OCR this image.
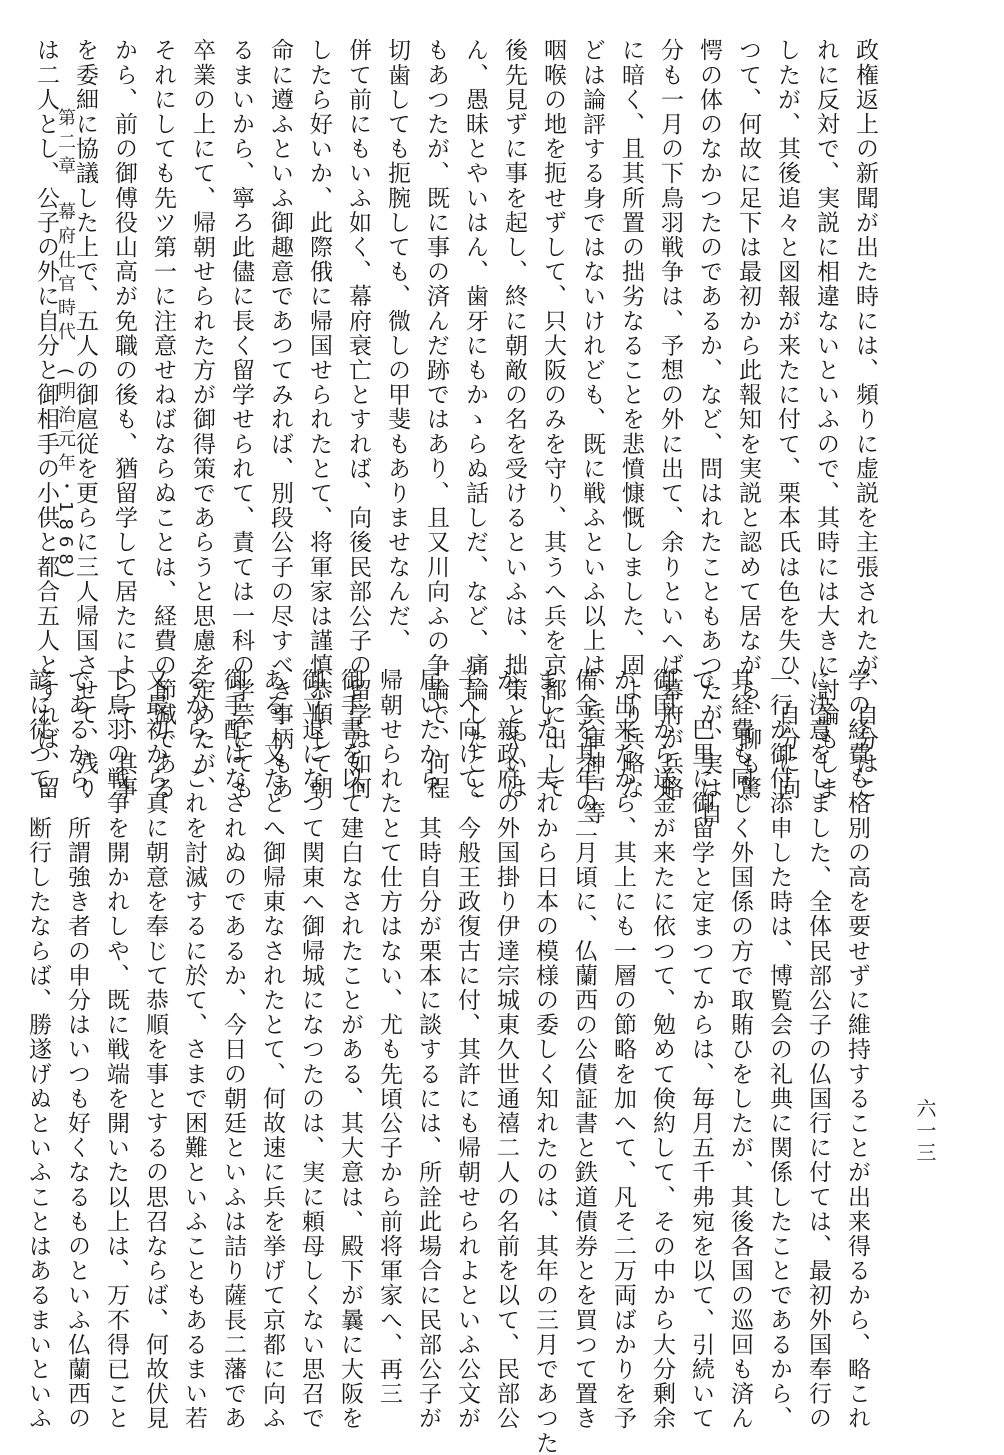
政権返上の新聞が出た時には、頻りに虚説を主張されたが、自分はこ

れに反対で、実説に相違ないといふので、其時には大きに討論もしま

したが、其後追々と図報が来たに付て、栗本氏は色を失ひ、自分に向

つて、何故に足下は最初から此報知を実説と認めて居ながら、聊も驚

愕の体のなかつたのであるか、など、問はれたこともあつたが、実は自

分も一月の下鳥羽戦争は、予想の外に出て、余りといへば幕府が兵略

に暗く、且其所置の拙劣なることを悲憤慷慨しました、固より兵略な

どは論評する身ではないけれども、既に戦ふといふ以上は、兵庫神戸等

咽喉の地を扼せずして、只大阪のみを守り、其うへ兵を京都に出して

後先見ずに事を起し、終に朝敵の名を受けるといふは、拙策とやいは

ん、愚昧とやいはん、歯牙にもかゝらぬ話しだ、など、痛論したこと

もあつたが、既に事の済んだ跡ではあり、且又川向ふの争論で、何程

切歯しても扼腕しても、微しの甲斐もありませなんだ、

併て前にもいふ如く、幕府衰亡とすれば、向後民部公子の留学は如何

したら好いか、此際俄に帰国せられたとて、将軍家は謹慎恭順して朝

命に遵ふといふ御趣意であつてみれば、別段公子の尽すべき事柄もあ

るまいから、寧ろ此儘に長く留学せられて、責ては一科の学芸にても

卒業の上にて、帰朝せられた方が御得策であらうと思慮を定めたが、

それにしても先ツ第一に注意せねばならぬことは、経費の節減である

から、前の御傅役山高が免職の後も、猶留学して居たによつて、其事

を委細に協議した上で、五人の御扈従を更らに三人帰国させて、残り

は二人とし、公子の外に自分と御相手の小供と都合五人とすれば、留

学の経費も格別の高を要せずに維持することが出来得るから、略これ

に決意をしました、全体民部公子の仏国行に付ては、最初外国奉行の

一行が御付添申した時は、博覧会の礼典に関係したことであるから、

其経費も同じく外国係の方で取賄ひをしたが、其後各国の巡回も済ん

で、巴里に御留学と定まつてからは、毎月五千弗宛を以て、引続いて

御国から送金が来たに依つて、勉めて倹約して、その中から大分剰余

が出来たから、其上にも一層の節略を加へて、凡そ二万両ばかりを予

備金を其年の二月頃に、仏蘭西の公債証書と鉄道債券とを買つて置き

ました、夫れから日本の模様の委しく知れたのは、其年の三月であつた

が、新政府の外国掛り伊達宗城東久世通禧二人の名前を以て、民部公

子へ向けて、今般王政復古に付、其許にも帰朝せられよといふ公文が

届いたから、其時自分が栗本に談するには、所詮此場合に民部公子が

帰朝せられたとて仕方はない、尤も先頃公子から前将軍家へ、再三

御手書を以て建白なされたことがある、其大意は、殿下が曩に大阪を

御立退になつて関東へ御帰城になつたのは、実に頼母しくない思召で

ある、又たとへ御帰東なされたとて、何故速に兵を挙げて京都に向ふ

御手配はなされぬのであるか、今日の朝廷といふは詰り薩長二藩であ

るから、これを討滅するに於て、さまで困難といふこともあるまい若

又最初から真に朝意を奉じて恭順を事とするの思召ならば、何故伏見

下鳥羽の戦争を開かれしや、既に戦端を開いた以上は、万不得已こと

であるから、所謂強き者の申分はいつも好くなるものといふ仏蘭西の

諺に従つて、断行したならば、勝遂げぬといふことはあるまいといふ

第二章幕府仕官時代(明治元年・1868)
六一三
